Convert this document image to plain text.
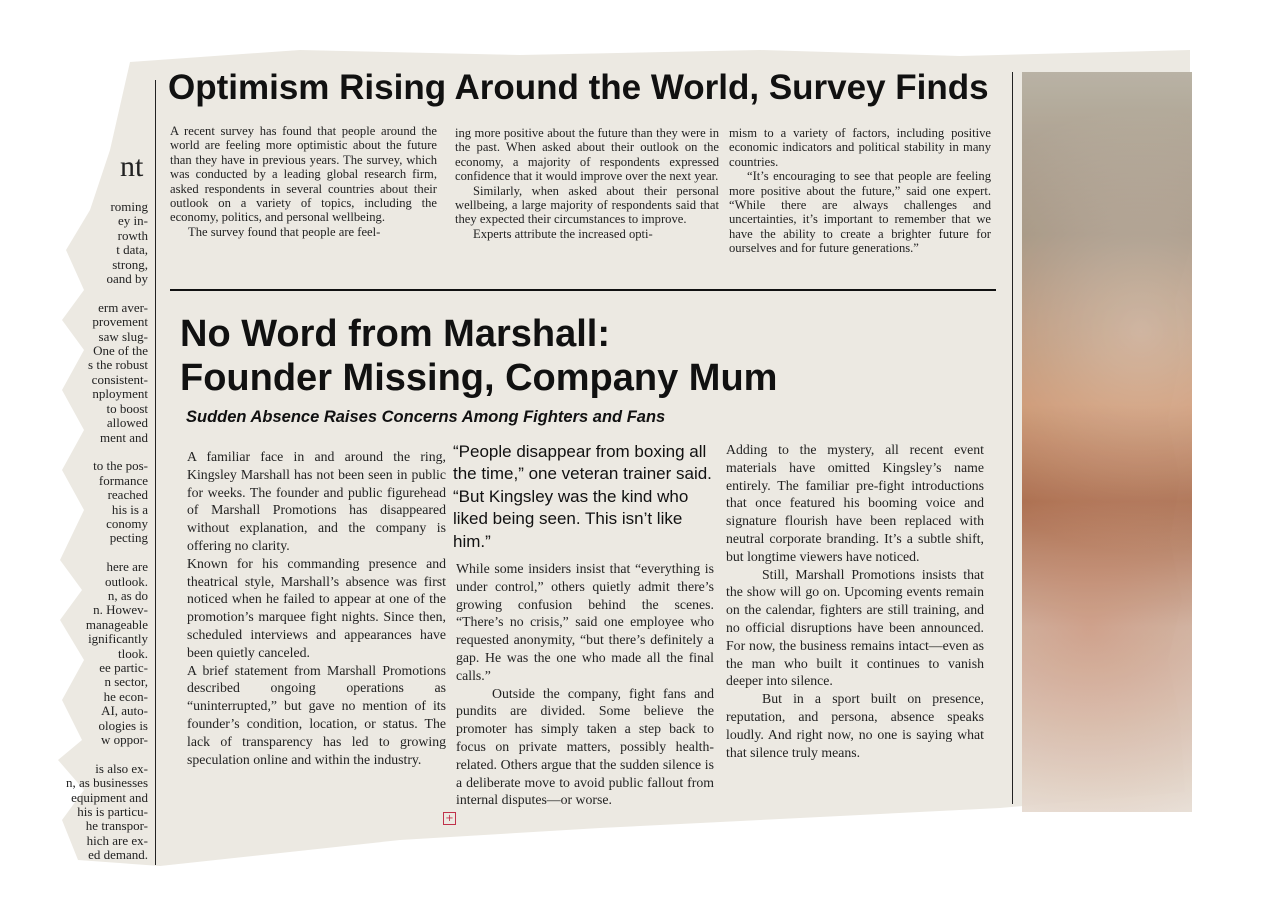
nt
roming
ey in-
rowth
t data,
strong,
oand by

erm aver-
provement
saw slug-
One of the
s the robust
consistent-
nployment
to boost
allowed
ment and

to the pos-
formance
reached
his is a
conomy
pecting

here are
outlook.
n, as do
n. Howev-
manageable
ignificantly
tlook.
ee partic-
n sector,
he econ-
AI, auto-
ologies is
w oppor-

is also ex-
n, as businesses
equipment and
his is particu-
he transpor-
hich are ex-
ed demand.
Optimism Rising Around the World, Survey Finds

A recent survey has found that people around the world are feeling more optimistic about the future than they have in previous years. The survey, which was conducted by a leading global research firm, asked respondents in several countries about their outlook on a variety of topics, including the economy, politics, and personal wellbeing.

The survey found that people are feel-

ing more positive about the future than they were in the past. When asked about their outlook on the economy, a majority of respondents expressed confidence that it would improve over the next year.

Similarly, when asked about their personal wellbeing, a large majority of respondents said that they expected their circumstances to improve.

Experts attribute the increased opti-

mism to a variety of factors, including positive economic indicators and political stability in many countries.

“It’s encouraging to see that people are feeling more positive about the future,” said one expert. “While there are always challenges and uncertainties, it’s important to remember that we have the ability to create a brighter future for ourselves and for future generations.”

No Word from Marshall:
Founder Missing, Company Mum
Sudden Absence Raises Concerns Among Fighters and Fans

A familiar face in and around the ring, Kingsley Marshall has not been seen in public for weeks. The founder and public figurehead of Marshall Promotions has disappeared without explanation, and the company is offering no clarity.

Known for his commanding presence and theatrical style, Marshall’s absence was first noticed when he failed to appear at one of the promotion’s marquee fight nights. Since then, scheduled interviews and appearances have been quietly canceled.

A brief statement from Marshall Promotions described ongoing operations as “uninterrupted,” but gave no mention of its founder’s condition, location, or status. The lack of transparency has led to growing speculation online and within the industry.

“People disappear from boxing all the time,” one veteran trainer said. “But Kingsley was the kind who liked being seen. This isn’t like him.”

While some insiders insist that “everything is under control,” others quietly admit there’s growing confusion behind the scenes. “There’s no crisis,” said one employee who requested anonymity, “but there’s definitely a gap. He was the one who made all the final calls.”

Outside the company, fight fans and pundits are divided. Some believe the promoter has simply taken a step back to focus on private matters, possibly health-related. Others argue that the sudden silence is a deliberate move to avoid public fallout from internal disputes—or worse.

Adding to the mystery, all recent event materials have omitted Kingsley’s name entirely. The familiar pre-fight introductions that once featured his booming voice and signature flourish have been replaced with neutral corporate branding. It’s a subtle shift, but longtime viewers have noticed.

Still, Marshall Promotions insists that the show will go on. Upcoming events remain on the calendar, fighters are still training, and no official disruptions have been announced. For now, the business remains intact—even as the man who built it continues to vanish deeper into silence.

But in a sport built on presence, reputation, and persona, absence speaks loudly. And right now, no one is saying what that silence truly means.

+
